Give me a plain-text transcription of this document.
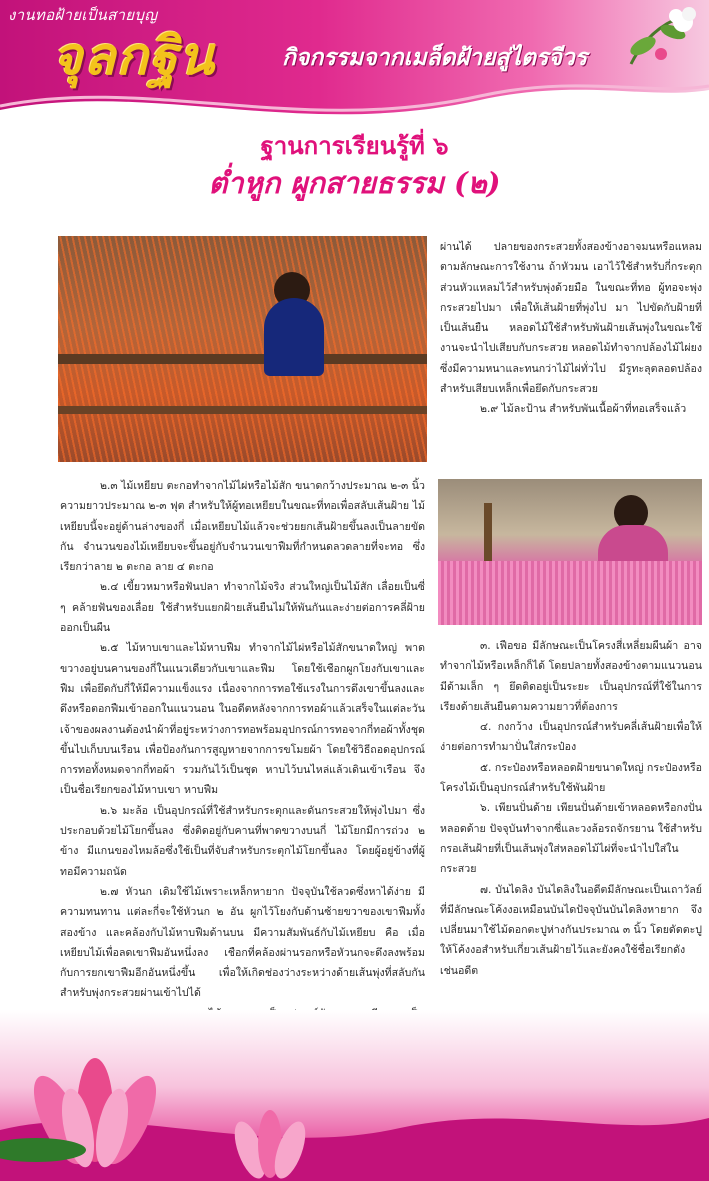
งานทอฝ้ายเป็นสายบุญ
จุลกฐิน	กิจกรรมจากเมล็ดฝ้ายสู่ไตรจีวร
ฐานการเรียนรู้ที่ ๖
ต่ำหูก ผูกสายธรรม (๒)

๒.๓ ไม้เหยียบ ตะกอทำจากไม้ไผ่หรือไม้สัก ขนาดกว้างประมาณ ๒-๓ นิ้ว ความยาวประมาณ ๒-๓ ฟุต สำหรับให้ผู้ทอเหยียบในขณะที่ทอเพื่อสลับเส้นฝ้าย ไม้เหยียบนี้จะอยู่ด้านล่างของกี่ เมื่อเหยียบไม้แล้วจะช่วยยกเส้นฝ้ายขึ้นลงเป็นลายขัดกัน จำนวนของไม้เหยียบจะขึ้นอยู่กับจำนวนเขาฟืมที่กำหนดลวดลายที่จะทอ ซึ่งเรียกว่าลาย ๒ ตะกอ ลาย ๔ ตะกอ

๒.๔ เขี้ยวหมาหรือฟันปลา ทำจากไม้จริง ส่วนใหญ่เป็นไม้สัก เลื่อยเป็นซี่ ๆ คล้ายฟันของเลื่อย ใช้สำหรับแยกฝ้ายเส้นยืนไม่ให้พันกันและง่ายต่อการคลี่ฝ้ายออกเป็นผืน

๒.๕ ไม้หาบเขาและไม้หาบฟืม ทำจากไม้ไผ่หรือไม้สักขนาดใหญ่ พาดขวางอยู่บนคานของกี่ในแนวเดียวกับเขาและฟืม โดยใช้เชือกผูกโยงกับเขาและฟืม เพื่อยึดกับกี่ให้มีความแข็งแรง เนื่องจากการทอใช้แรงในการดึงเขาขึ้นลงและดึงหรือตอกฟืมเข้าออกในแนวนอน ในอดีตหลังจากการทอผ้าแล้วเสร็จในแต่ละวัน เจ้าของผลงานต้องนำผ้าที่อยู่ระหว่างการทอพร้อมอุปกรณ์การทอจากกี่ทอผ้าทั้งชุดขึ้นไปเก็บบนเรือน เพื่อป้องกันการสูญหายจากการขโมยผ้า โดยใช้วิธีถอดอุปกรณ์การทอทั้งหมดจากกี่ทอผ้า รวมกันไว้เป็นชุด หาบไว้บนไหล่แล้วเดินเข้าเรือน จึงเป็นชื่อเรียกของไม้หาบเขา หาบฟืม

๒.๖ มะล้อ เป็นอุปกรณ์ที่ใช้สำหรับกระตุกและดันกระสวยให้พุ่งไปมา ซึ่งประกอบด้วยไม้โยกขึ้นลง ซึ่งติดอยู่กับคานที่พาดขวางบนกี่ ไม้โยกมีการถ่วง ๒ ข้าง มีแกนของไหมล้อซึ่งใช้เป็นที่จับสำหรับกระตุกไม้โยกขึ้นลง โดยผู้อยู่ข้างที่ผู้ทอมีความถนัด

๒.๗ หัวนก เดิมใช้ไม้เพราะเหล็กหายาก ปัจจุบันใช้ลวดซึ่งหาได้ง่าย มีความทนทาน แต่ละกี่จะใช้หัวนก ๒ อัน ผูกไว้โยงกับด้านซ้ายขวาของเขาฟืมทั้งสองข้าง และคล้องกับไม้หาบฟืมด้านบน มีความสัมพันธ์กับไม้เหยียบ คือ เมื่อเหยียบไม้เพื่อลดเขาฟืมอันหนึ่งลง เชือกที่คล้องผ่านรอกหรือหัวนกจะดึงลงพร้อมกับการยกเขาฟืมอีกอันหนึ่งขึ้น เพื่อให้เกิดช่องว่างระหว่างด้ายเส้นพุ่งที่สลับกันสำหรับพุ่งกระสวยผ่านเข้าไปได้

ผ่านได้ ปลายของกระสวยทั้งสองข้างอาจมนหรือแหลมตามลักษณะการใช้งาน ถ้าหัวมน เอาไว้ใช้สำหรับกี่กระตุก ส่วนหัวแหลมไว้สำหรับพุ่งด้วยมือ ในขณะที่ทอ ผู้ทอจะพุ่งกระสวยไปมา เพื่อให้เส้นฝ้ายที่พุ่งไป มา ไปขัดกับฝ้ายที่เป็นเส้นยืน หลอดไม้ใช้สำหรับพันฝ้ายเส้นพุ่งในขณะใช้งานจะนำไปเสียบกับกระสวย หลอดไม้ทำจากปล้องไม้ไผ่ยง ซึ่งมีความหนาและทนกว่าไม้ไผ่ทั่วไป มีรูทะลุตลอดปล้องสำหรับเสียบเหล็กเพื่อยึดกับกระสวย

๒.๙ ไม้ละป้าน สำหรับพันเนื้อผ้าที่ทอเสร็จแล้ว

๓. เฟือขอ มีลักษณะเป็นโครงสี่เหลี่ยมผืนผ้า อาจทำจากไม้หรือเหล็กก็ได้ โดยปลายทั้งสองข้างตามแนวนอนมีด้ามเล็ก ๆ ยึดติดอยู่เป็นระยะ เป็นอุปกรณ์ที่ใช้ในการเรียงด้ายเส้นยืนตามความยาวที่ต้องการ

๔. กงกว้าง เป็นอุปกรณ์สำหรับคลี่เส้นฝ้ายเพื่อให้ง่ายต่อการทำมาปั่นใส่กระป๋อง

๕. กระป๋องหรือหลอดฝ้ายขนาดใหญ่ กระป๋องหรือโครงไม้เป็นอุปกรณ์สำหรับใช้พันฝ้าย

๖. เพียนปั่นด้าย เพียนปั่นด้ายเข้าหลอดหรือกงปั่นหลอดด้าย ปัจจุบันทำจากซี่และวงล้อรถจักรยาน ใช้สำหรับกรอเส้นฝ้ายที่เป็นเส้นพุ่งใส่หลอดไม้ไผ่ที่จะนำไปใส่ในกระสวย

๗. บันไดลิง บันไดลิงในอดีตมีลักษณะเป็นเถาวัลย์ ที่มีลักษณะโค้งงอเหมือนบันไดปัจจุบันบันไดลิงหายาก จึงเปลี่ยนมาใช้ไม้ดอกตะปูห่างกันประมาณ ๓ นิ้ว โดยดัดตะปูให้โค้งงอสำหรับเกี่ยวเส้นฝ้ายไว้และยังคงใช้ชื่อเรียกดังเช่นอดีต
